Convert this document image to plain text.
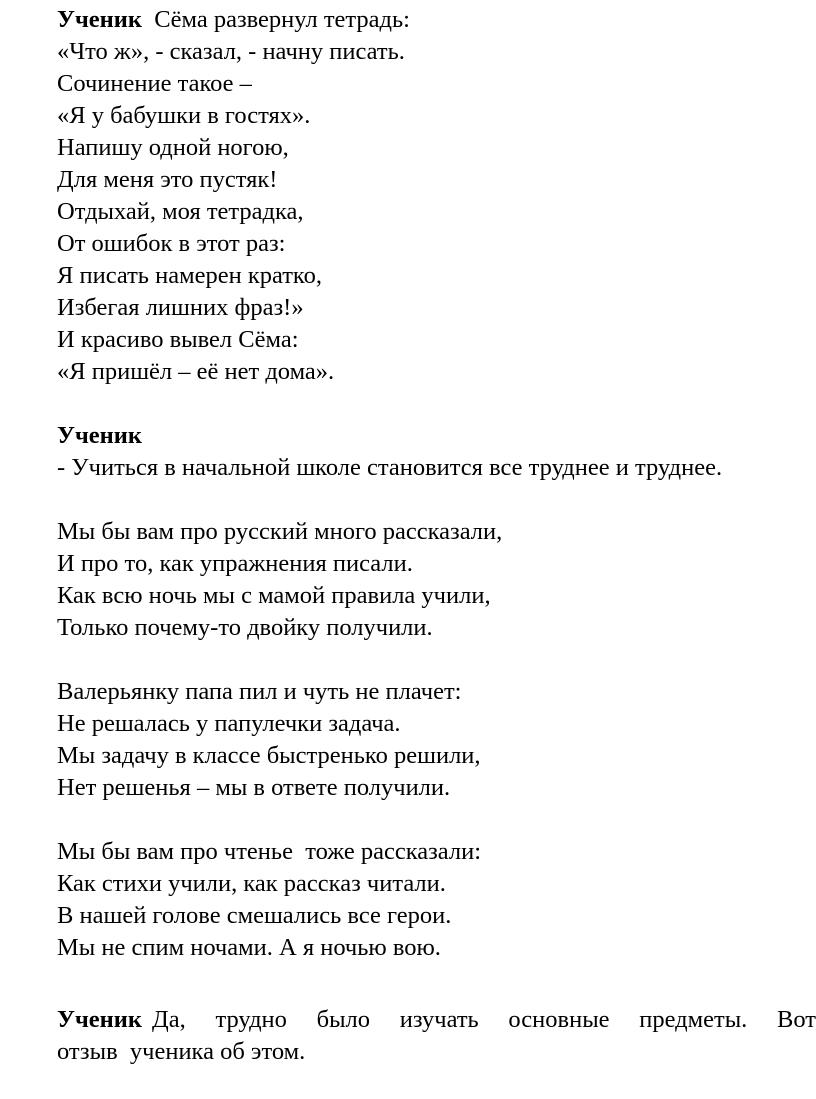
Ученик Сёма развернул тетрадь:
«Что ж», - сказал, - начну писать.
Сочинение такое –
«Я у бабушки в гостях».
Напишу одной ногою,
Для меня это пустяк!
Отдыхай, моя тетрадка,
От ошибок в этот раз:
Я писать намерен кратко,
Избегая лишних фраз!»
И красиво вывел Сёма:
«Я пришёл – её нет дома».
Ученик
- Учиться в начальной школе становится все труднее и труднее.
Мы бы вам про русский много рассказали,
И про то, как упражнения писали.
Как всю ночь мы с мамой правила учили,
Только почему-то двойку получили.
Валерьянку папа пил и чуть не плачет:
Не решалась у папулечки задача.
Мы задачу в классе быстренько решили,
Нет решенья – мы в ответе получили.
Мы бы вам про чтенье  тоже рассказали:
Как стихи учили, как рассказ читали.
В нашей голове смешались все герои.
Мы не спим ночами. А я ночью вою.
Ученик Да, трудно было изучать основные предметы. Вот
отзыв  ученика об этом.
